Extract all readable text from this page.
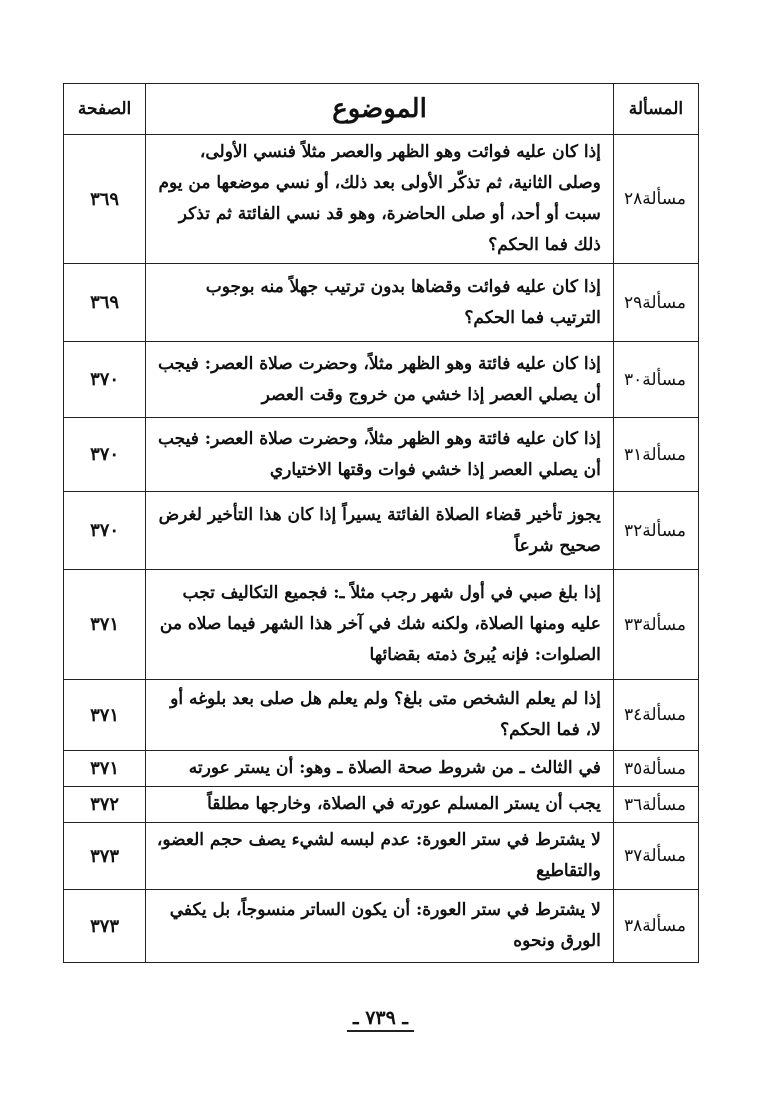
المسألة	الموضوع	الصفحة
مسألة٢٨	إذا كان عليه فوائت وهو الظهر والعصر مثلاً فنسي الأولى، وصلى الثانية، ثم تذكّر الأولى بعد ذلك، أو نسي موضعها من يوم سبت أو أحد، أو صلى الحاضرة، وهو قد نسي الفائتة ثم تذكر ذلك فما الحكم؟	٣٦٩
مسألة٢٩	إذا كان عليه فوائت وقضاها بدون ترتيب جهلاً منه بوجوب الترتيب فما الحكم؟	٣٦٩
مسألة٣٠	إذا كان عليه فائتة وهو الظهر مثلاً، وحضرت صلاة العصر: فيجب أن يصلي العصر إذا خشي من خروج وقت العصر	٣٧٠
مسألة٣١	إذا كان عليه فائتة وهو الظهر مثلاً، وحضرت صلاة العصر: فيجب أن يصلي العصر إذا خشي فوات وقتها الاختياري	٣٧٠
مسألة٣٢	يجوز تأخير قضاء الصلاة الفائتة يسيراً إذا كان هذا التأخير لغرض صحيح شرعاً	٣٧٠
مسألة٣٣	إذا بلغ صبي في أول شهر رجب مثلاً ـ: فجميع التكاليف تجب عليه ومنها الصلاة، ولكنه شك في آخر هذا الشهر فيما صلاه من الصلوات: فإنه يُبرئ ذمته بقضائها	٣٧١
مسألة٣٤	إذا لم يعلم الشخص متى بلغ؟ ولم يعلم هل صلى بعد بلوغه أو لا، فما الحكم؟	٣٧١
مسألة٣٥	في الثالث ـ من شروط صحة الصلاة ـ وهو: أن يستر عورته	٣٧١
مسألة٣٦	يجب أن يستر المسلم عورته في الصلاة، وخارجها مطلقاً	٣٧٢
مسألة٣٧	لا يشترط في ستر العورة: عدم لبسه لشيء يصف حجم العضو، والتقاطيع	٣٧٣
مسألة٣٨	لا يشترط في ستر العورة: أن يكون الساتر منسوجاً، بل يكفي الورق ونحوه	٣٧٣
ـ ٧٣٩ ـ
